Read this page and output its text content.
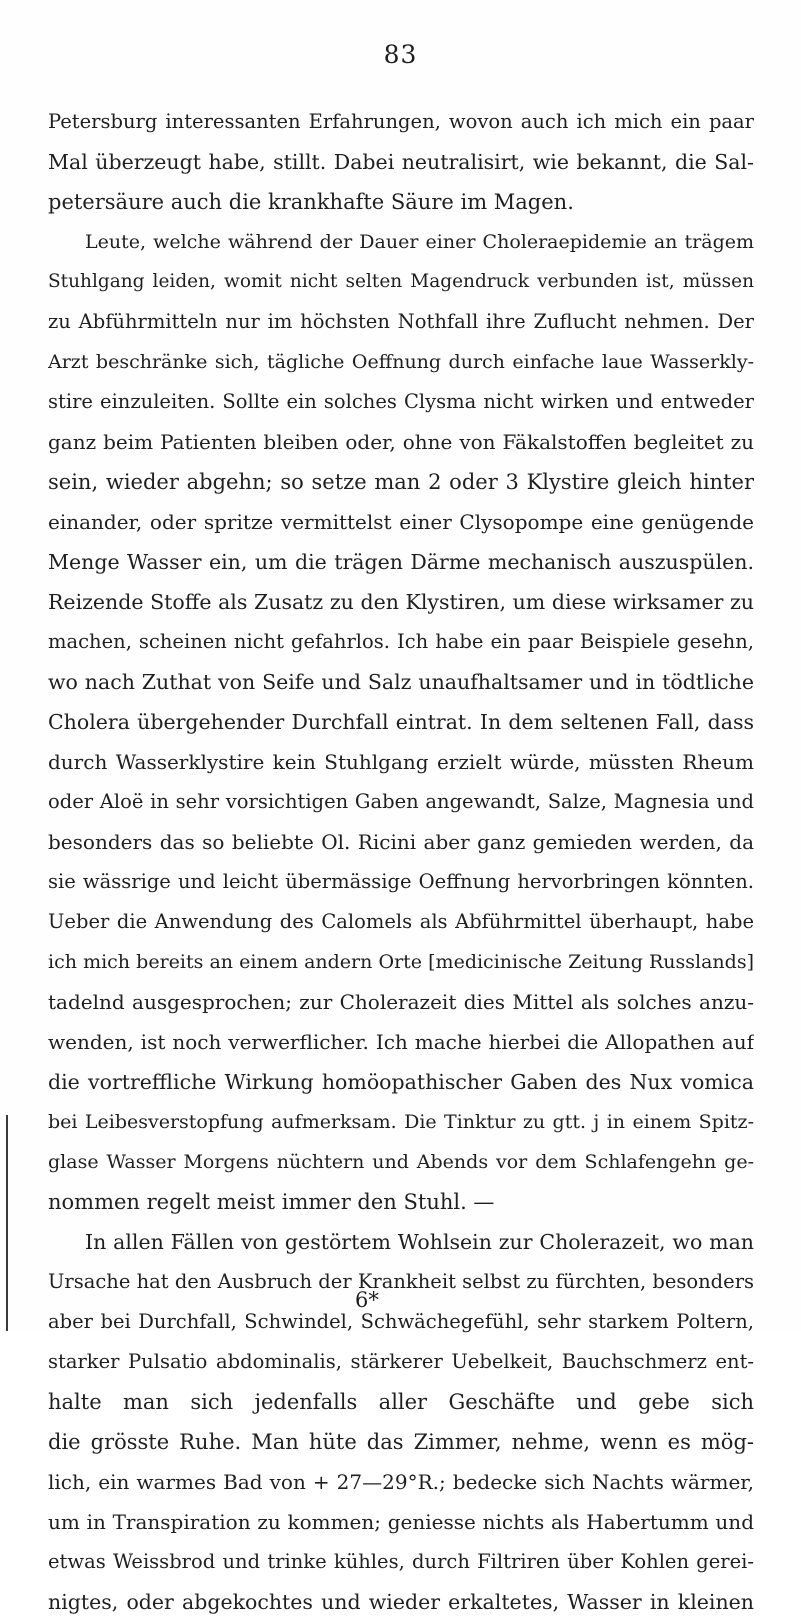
83
Petersburg interessanten Erfahrungen, wovon auch ich mich ein paar
Mal überzeugt habe, stillt. Dabei neutralisirt, wie bekannt, die Sal-
petersäure auch die krankhafte Säure im Magen.
Leute, welche während der Dauer einer Choleraepidemie an trägem
Stuhlgang leiden, womit nicht selten Magendruck verbunden ist, müssen
zu Abführmitteln nur im höchsten Nothfall ihre Zuflucht nehmen. Der
Arzt beschränke sich, tägliche Oeffnung durch einfache laue Wasserkly-
stire einzuleiten. Sollte ein solches Clysma nicht wirken und entweder
ganz beim Patienten bleiben oder, ohne von Fäkalstoffen begleitet zu
sein, wieder abgehn; so setze man 2 oder 3 Klystire gleich hinter
einander, oder spritze vermittelst einer Clysopompe eine genügende
Menge Wasser ein, um die trägen Därme mechanisch auszuspülen.
Reizende Stoffe als Zusatz zu den Klystiren, um diese wirksamer zu
machen, scheinen nicht gefahrlos. Ich habe ein paar Beispiele gesehn,
wo nach Zuthat von Seife und Salz unaufhaltsamer und in tödtliche
Cholera übergehender Durchfall eintrat. In dem seltenen Fall, dass
durch Wasserklystire kein Stuhlgang erzielt würde, müssten Rheum
oder Aloë in sehr vorsichtigen Gaben angewandt, Salze, Magnesia und
besonders das so beliebte Ol. Ricini aber ganz gemieden werden, da
sie wässrige und leicht übermässige Oeffnung hervorbringen könnten.
Ueber die Anwendung des Calomels als Abführmittel überhaupt, habe
ich mich bereits an einem andern Orte [medicinische Zeitung Russlands]
tadelnd ausgesprochen; zur Cholerazeit dies Mittel als solches anzu-
wenden, ist noch verwerflicher. Ich mache hierbei die Allopathen auf
die vortreffliche Wirkung homöopathischer Gaben des Nux vomica
bei Leibesverstopfung aufmerksam. Die Tinktur zu gtt. j in einem Spitz-
glase Wasser Morgens nüchtern und Abends vor dem Schlafengehn ge-
nommen regelt meist immer den Stuhl. —
In allen Fällen von gestörtem Wohlsein zur Cholerazeit, wo man
Ursache hat den Ausbruch der Krankheit selbst zu fürchten, besonders
aber bei Durchfall, Schwindel, Schwächegefühl, sehr starkem Poltern,
starker Pulsatio abdominalis, stärkerer Uebelkeit, Bauchschmerz ent-
halte man sich jedenfalls aller Geschäfte und gebe sich
die grösste Ruhe. Man hüte das Zimmer, nehme, wenn es mög-
lich, ein warmes Bad von + 27—29°R.; bedecke sich Nachts wärmer,
um in Transpiration zu kommen; geniesse nichts als Habertumm und
etwas Weissbrod und trinke kühles, durch Filtriren über Kohlen gerei-
nigtes, oder abgekochtes und wieder erkaltetes, Wasser in kleinen
6*
